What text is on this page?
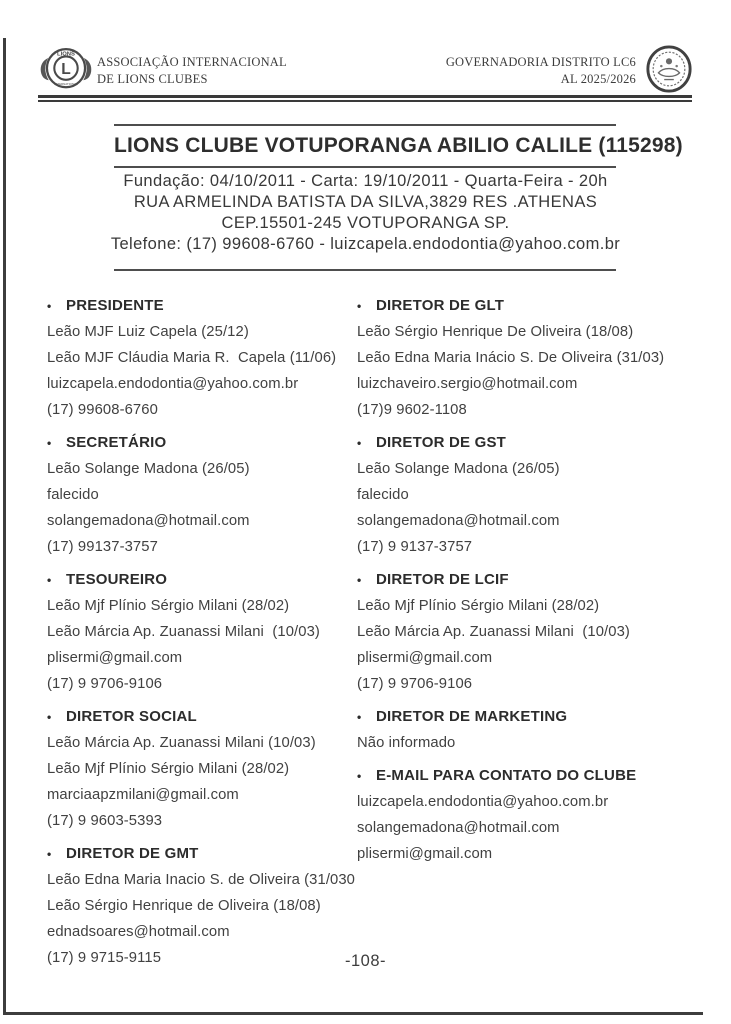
LIONS
L
INTERNATIONAL
ASSOCIAÇÃO INTERNACIONAL
DE LIONS CLUBES
GOVERNADORIA DISTRITO LC6
AL 2025/2026
LIONS CLUBE VOTUPORANGA ABILIO CALILE (115298)

Fundação: 04/10/2011 - Carta: 19/10/2011 - Quarta-Feira - 20h

RUA ARMELINDA BATISTA DA SILVA,3829 RES .ATHENAS

CEP.15501-245 VOTUPORANGA SP.

Telefone: (17) 99608-6760 - luizcapela.endodontia@yahoo.com.br

• PRESIDENTE

Leão MJF Luiz Capela (25/12)

Leão MJF Cláudia Maria R.  Capela (11/06)

luizcapela.endodontia@yahoo.com.br

(17) 99608-6760

• SECRETÁRIO

Leão Solange Madona (26/05)

falecido

solangemadona@hotmail.com

(17) 99137-3757

• TESOUREIRO

Leão Mjf Plínio Sérgio Milani (28/02)

Leão Márcia Ap. Zuanassi Milani  (10/03)

plisermi@gmail.com

(17) 9 9706-9106

• DIRETOR SOCIAL

Leão Márcia Ap. Zuanassi Milani (10/03)

Leão Mjf Plínio Sérgio Milani (28/02)

marciaapzmilani@gmail.com

(17) 9 9603-5393

• DIRETOR DE GMT

Leão Edna Maria Inacio S. de Oliveira (31/030

Leão Sérgio Henrique de Oliveira (18/08)

ednadsoares@hotmail.com

(17) 9 9715-9115

• DIRETOR DE GLT

Leão Sérgio Henrique De Oliveira (18/08)

Leão Edna Maria Inácio S. De Oliveira (31/03)

luizchaveiro.sergio@hotmail.com

(17)9 9602-1108

• DIRETOR DE GST

Leão Solange Madona (26/05)

falecido

solangemadona@hotmail.com

(17) 9 9137-3757

• DIRETOR DE LCIF

Leão Mjf Plínio Sérgio Milani (28/02)

Leão Márcia Ap. Zuanassi Milani  (10/03)

plisermi@gmail.com

(17) 9 9706-9106

• DIRETOR DE MARKETING

Não informado

• E-MAIL PARA CONTATO DO CLUBE

luizcapela.endodontia@yahoo.com.br

solangemadona@hotmail.com

plisermi@gmail.com

-108-
